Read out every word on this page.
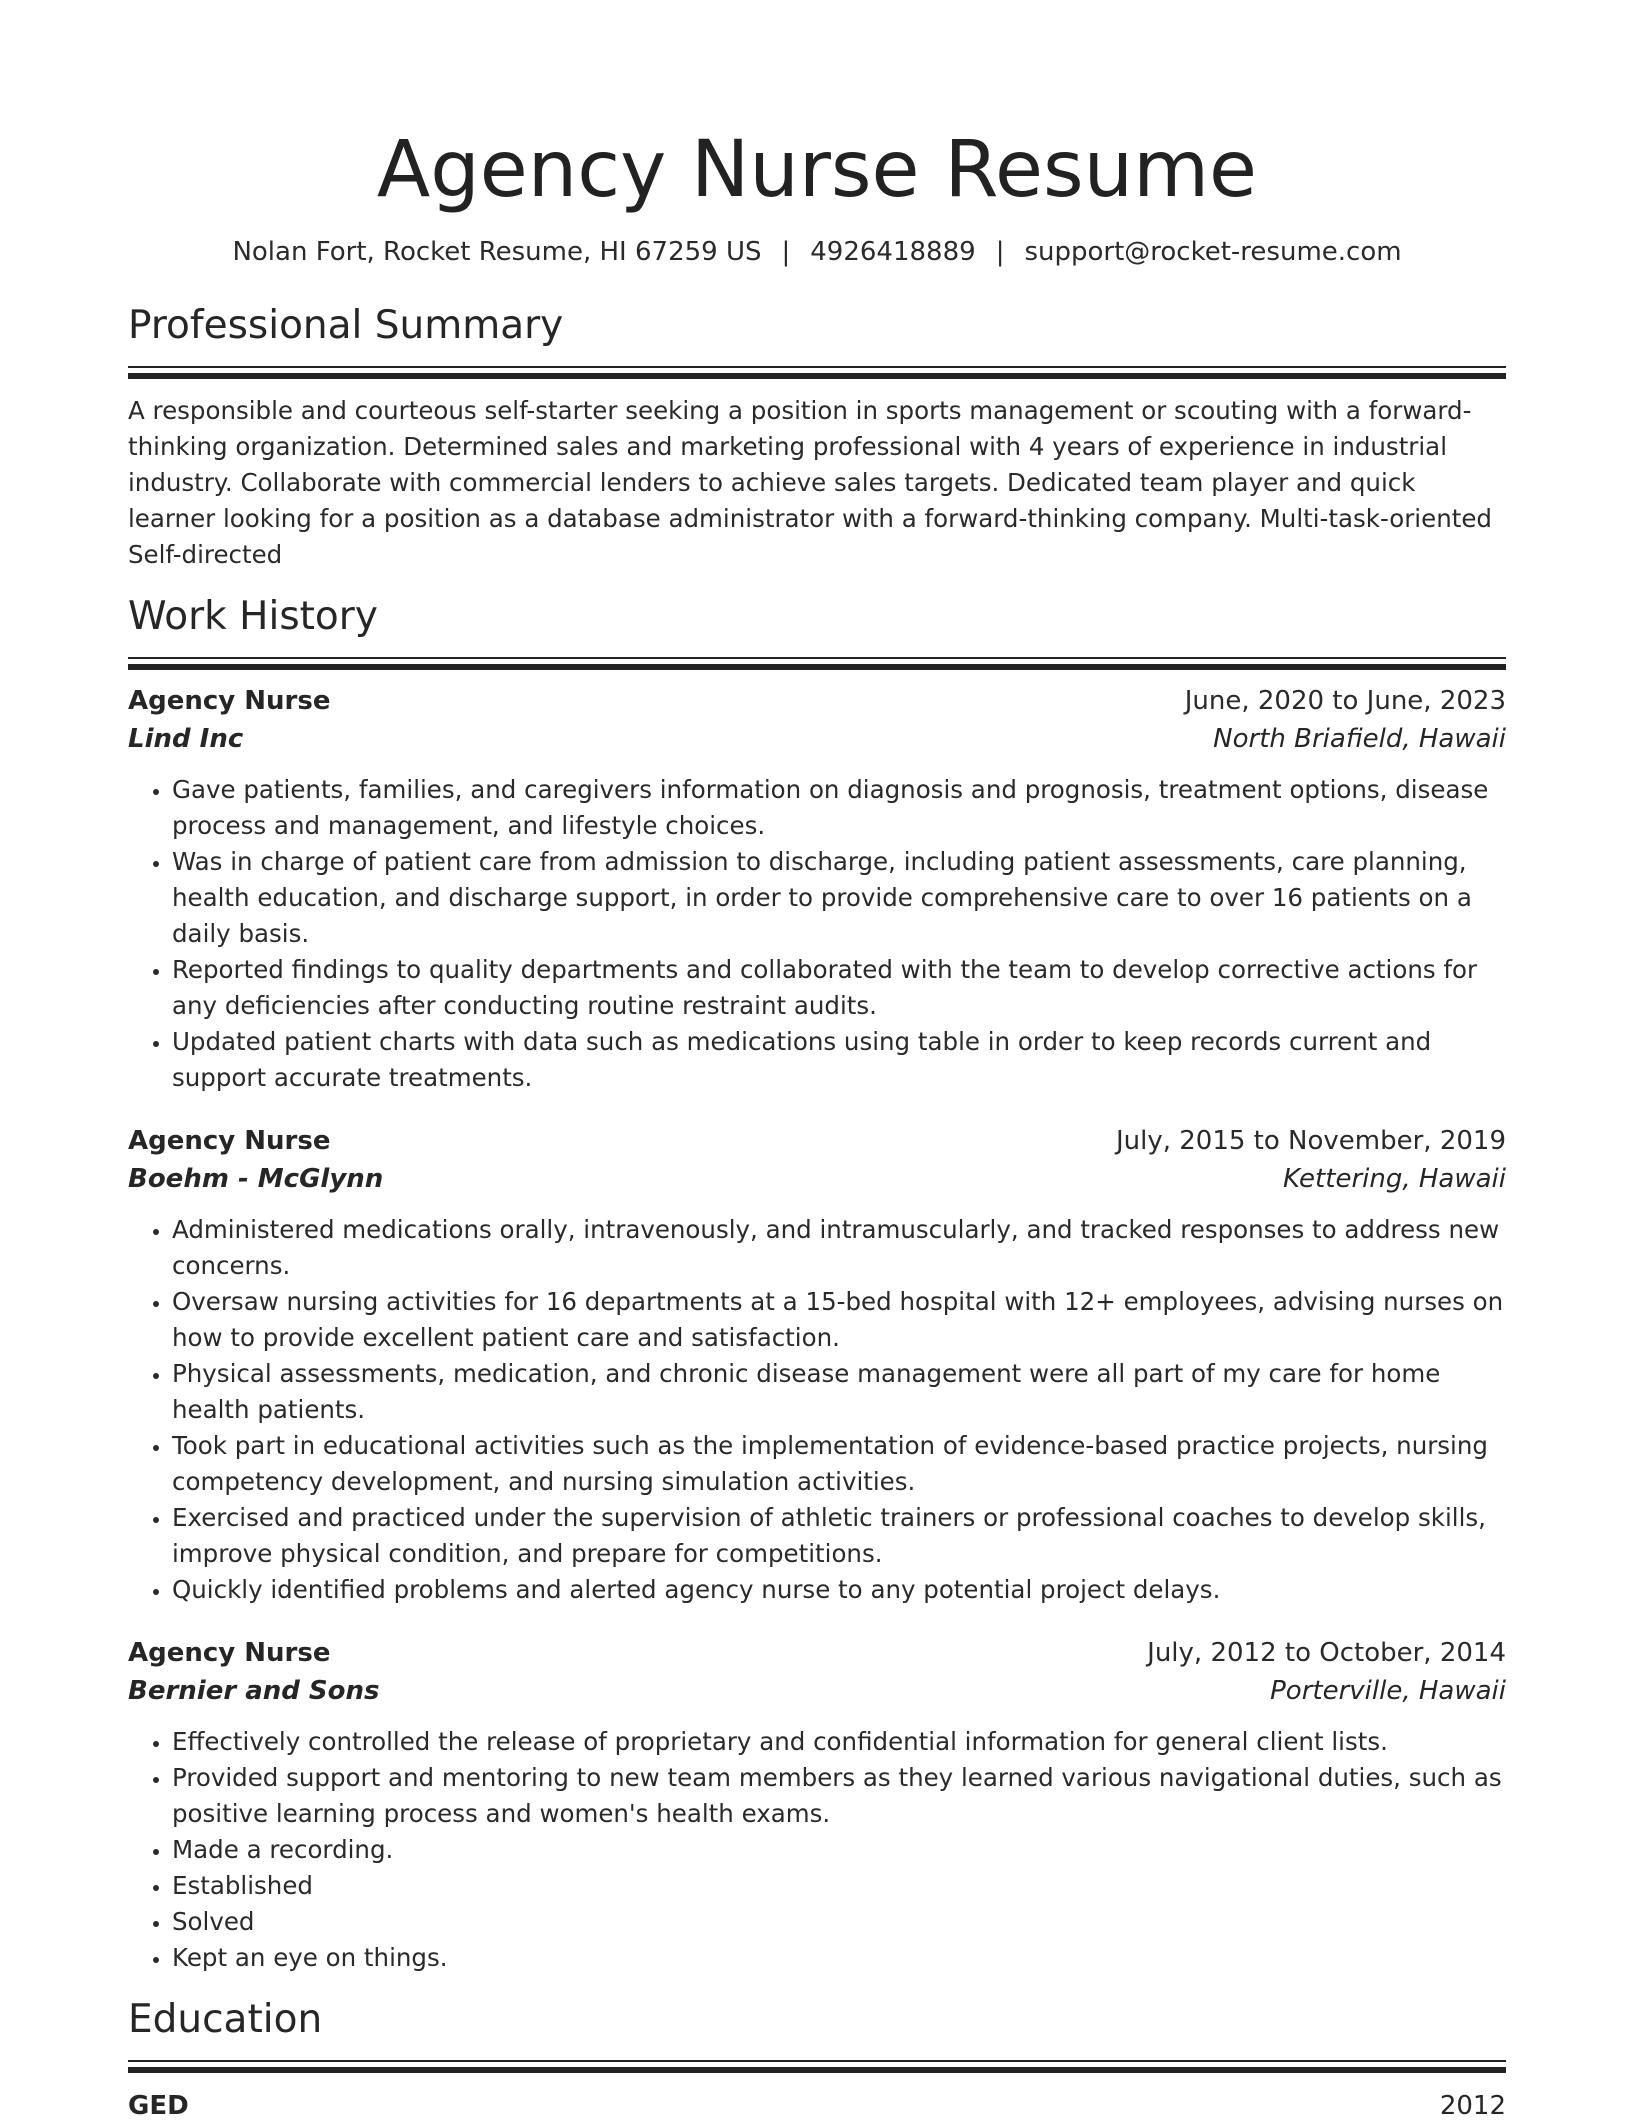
Agency Nurse Resume
Nolan Fort, Rocket Resume, HI 67259 US | 4926418889 | support@rocket-resume.com
Professional Summary
A responsible and courteous self-starter seeking a position in sports management or scouting with a forward-thinking organization. Determined sales and marketing professional with 4 years of experience in industrial industry. Collaborate with commercial lenders to achieve sales targets. Dedicated team player and quick learner looking for a position as a database administrator with a forward-thinking company. Multi-task-oriented Self-directed
Work History
Agency Nurse	June, 2020 to June, 2023
Lind Inc	North Briafield, Hawaii
• Gave patients, families, and caregivers information on diagnosis and prognosis, treatment options, disease process and management, and lifestyle choices.
• Was in charge of patient care from admission to discharge, including patient assessments, care planning, health education, and discharge support, in order to provide comprehensive care to over 16 patients on a daily basis.
• Reported findings to quality departments and collaborated with the team to develop corrective actions for any deficiencies after conducting routine restraint audits.
• Updated patient charts with data such as medications using table in order to keep records current and support accurate treatments.
Agency Nurse	July, 2015 to November, 2019
Boehm - McGlynn	Kettering, Hawaii
• Administered medications orally, intravenously, and intramuscularly, and tracked responses to address new concerns.
• Oversaw nursing activities for 16 departments at a 15-bed hospital with 12+ employees, advising nurses on how to provide excellent patient care and satisfaction.
• Physical assessments, medication, and chronic disease management were all part of my care for home health patients.
• Took part in educational activities such as the implementation of evidence-based practice projects, nursing competency development, and nursing simulation activities.
• Exercised and practiced under the supervision of athletic trainers or professional coaches to develop skills, improve physical condition, and prepare for competitions.
• Quickly identified problems and alerted agency nurse to any potential project delays.
Agency Nurse	July, 2012 to October, 2014
Bernier and Sons	Porterville, Hawaii
• Effectively controlled the release of proprietary and confidential information for general client lists.
• Provided support and mentoring to new team members as they learned various navigational duties, such as positive learning process and women's health exams.
• Made a recording.
• Established
• Solved
• Kept an eye on things.
Education
GED	2012
